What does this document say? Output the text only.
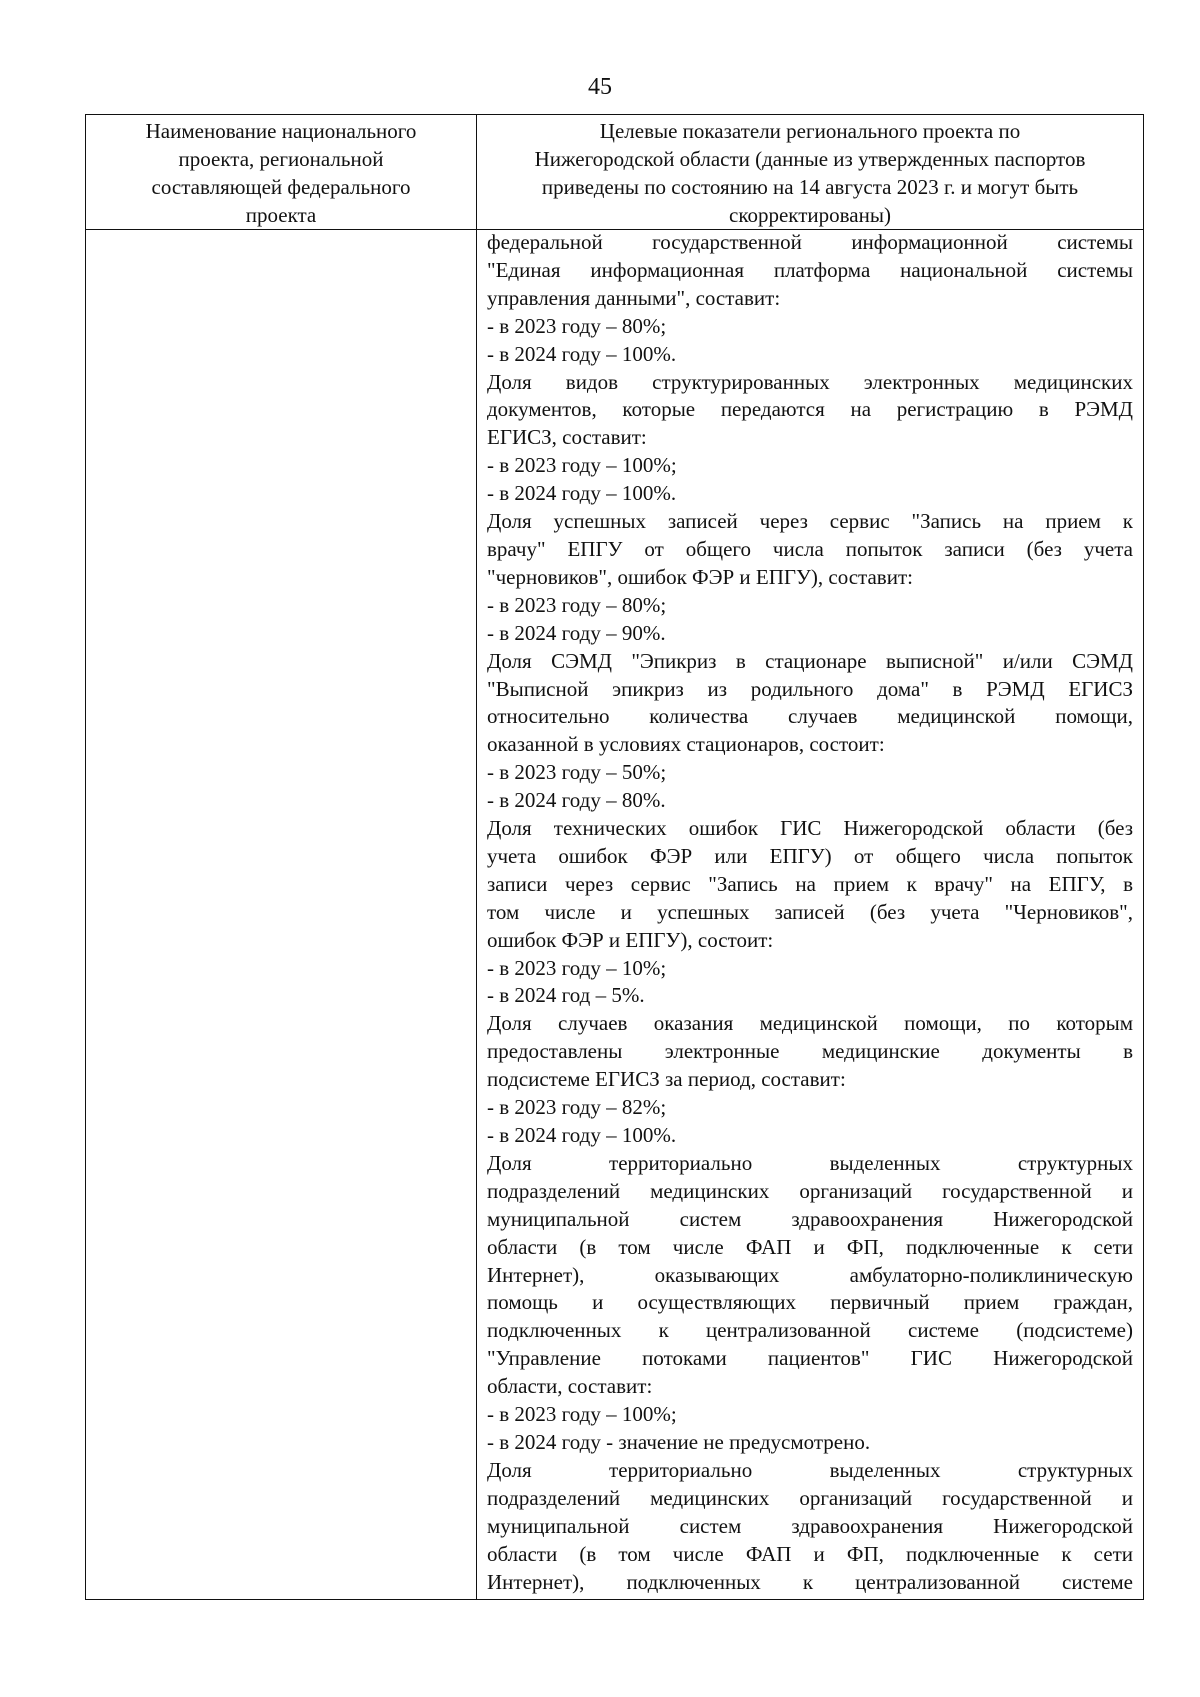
45
Наименование национального
проекта, региональной
составляющей федерального
проекта
Целевые показатели регионального проекта по
Нижегородской области (данные из утвержденных паспортов
приведены по состоянию на 14 августа 2023 г. и могут быть
скорректированы)
федеральной государственной информационной системы
"Единая информационная платформа национальной системы
управления данными", составит:
- в 2023 году – 80%;
- в 2024 году – 100%.
Доля видов структурированных электронных медицинских
документов, которые передаются на регистрацию в РЭМД
ЕГИСЗ, составит:
- в 2023 году – 100%;
- в 2024 году – 100%.
Доля успешных записей через сервис "Запись на прием к
врачу" ЕПГУ от общего числа попыток записи (без учета
"черновиков", ошибок ФЭР и ЕПГУ), составит:
- в 2023 году – 80%;
- в 2024 году – 90%.
Доля СЭМД "Эпикриз в стационаре выписной" и/или СЭМД
"Выписной эпикриз из родильного дома" в РЭМД ЕГИСЗ
относительно количества случаев медицинской помощи,
оказанной в условиях стационаров, состоит:
- в 2023 году – 50%;
- в 2024 году – 80%.
Доля технических ошибок ГИС Нижегородской области (без
учета ошибок ФЭР или ЕПГУ) от общего числа попыток
записи через сервис "Запись на прием к врачу" на ЕПГУ, в
том числе и успешных записей (без учета "Черновиков",
ошибок ФЭР и ЕПГУ), состоит:
- в 2023 году – 10%;
- в 2024 год – 5%.
Доля случаев оказания медицинской помощи, по которым
предоставлены электронные медицинские документы в
подсистеме ЕГИСЗ за период, составит:
- в 2023 году – 82%;
- в 2024 году – 100%.
Доля территориально выделенных структурных
подразделений медицинских организаций государственной и
муниципальной систем здравоохранения Нижегородской
области (в том числе ФАП и ФП, подключенные к сети
Интернет), оказывающих амбулаторно-поликлиническую
помощь и осуществляющих первичный прием граждан,
подключенных к централизованной системе (подсистеме)
"Управление потоками пациентов" ГИС Нижегородской
области, составит:
- в 2023 году – 100%;
- в 2024 году - значение не предусмотрено.
Доля территориально выделенных структурных
подразделений медицинских организаций государственной и
муниципальной систем здравоохранения Нижегородской
области (в том числе ФАП и ФП, подключенные к сети
Интернет), подключенных к централизованной системе
